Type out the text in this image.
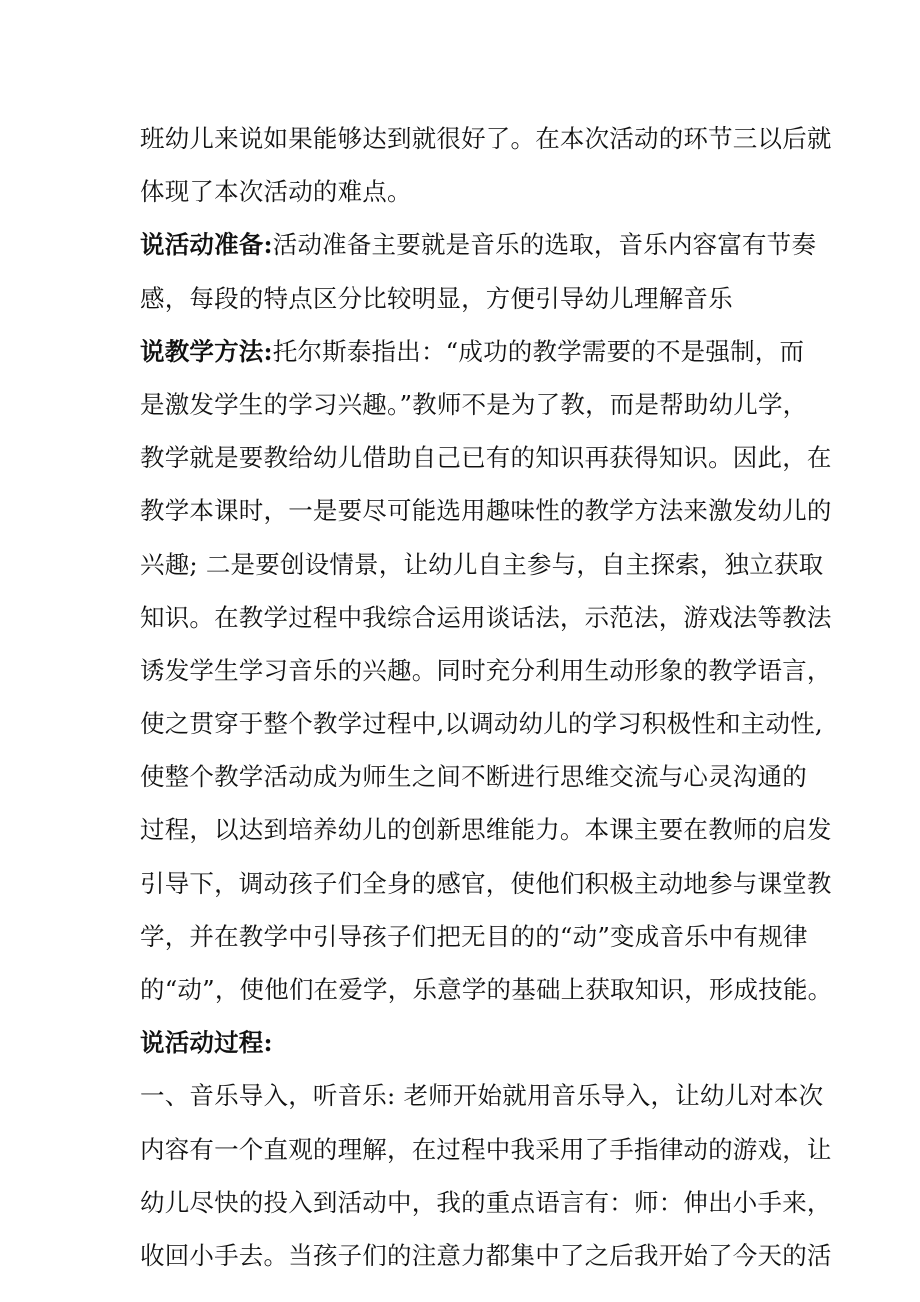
班幼儿来说如果能够达到就很好了。在本次活动的环节三以后就
体现了本次活动的难点。
说活动准备:活动准备主要就是音乐的选取，音乐内容富有节奏
感，每段的特点区分比较明显，方便引导幼儿理解音乐
说教学方法:托尔斯泰指出：“成功的教学需要的不是强制，而
是激发学生的学习兴趣。”教师不是为了教，而是帮助幼儿学，
教学就是要教给幼儿借助自己已有的知识再获得知识。因此，在
教学本课时，一是要尽可能选用趣味性的教学方法来激发幼儿的
兴趣; 二是要创设情景，让幼儿自主参与，自主探索，独立获取
知识。在教学过程中我综合运用谈话法，示范法，游戏法等教法
诱发学生学习音乐的兴趣。同时充分利用生动形象的教学语言，
使之贯穿于整个教学过程中,以调动幼儿的学习积极性和主动性,
使整个教学活动成为师生之间不断进行思维交流与心灵沟通的
过程，以达到培养幼儿的创新思维能力。本课主要在教师的启发
引导下，调动孩子们全身的感官，使他们积极主动地参与课堂教
学，并在教学中引导孩子们把无目的的“动”变成音乐中有规律
的“动”，使他们在爱学，乐意学的基础上获取知识，形成技能。
说活动过程:
一、音乐导入，听音乐: 老师开始就用音乐导入，让幼儿对本次
内容有一个直观的理解，在过程中我采用了手指律动的游戏，让
幼儿尽快的投入到活动中，我的重点语言有：师：伸出小手来，
收回小手去。当孩子们的注意力都集中了之后我开始了今天的活
